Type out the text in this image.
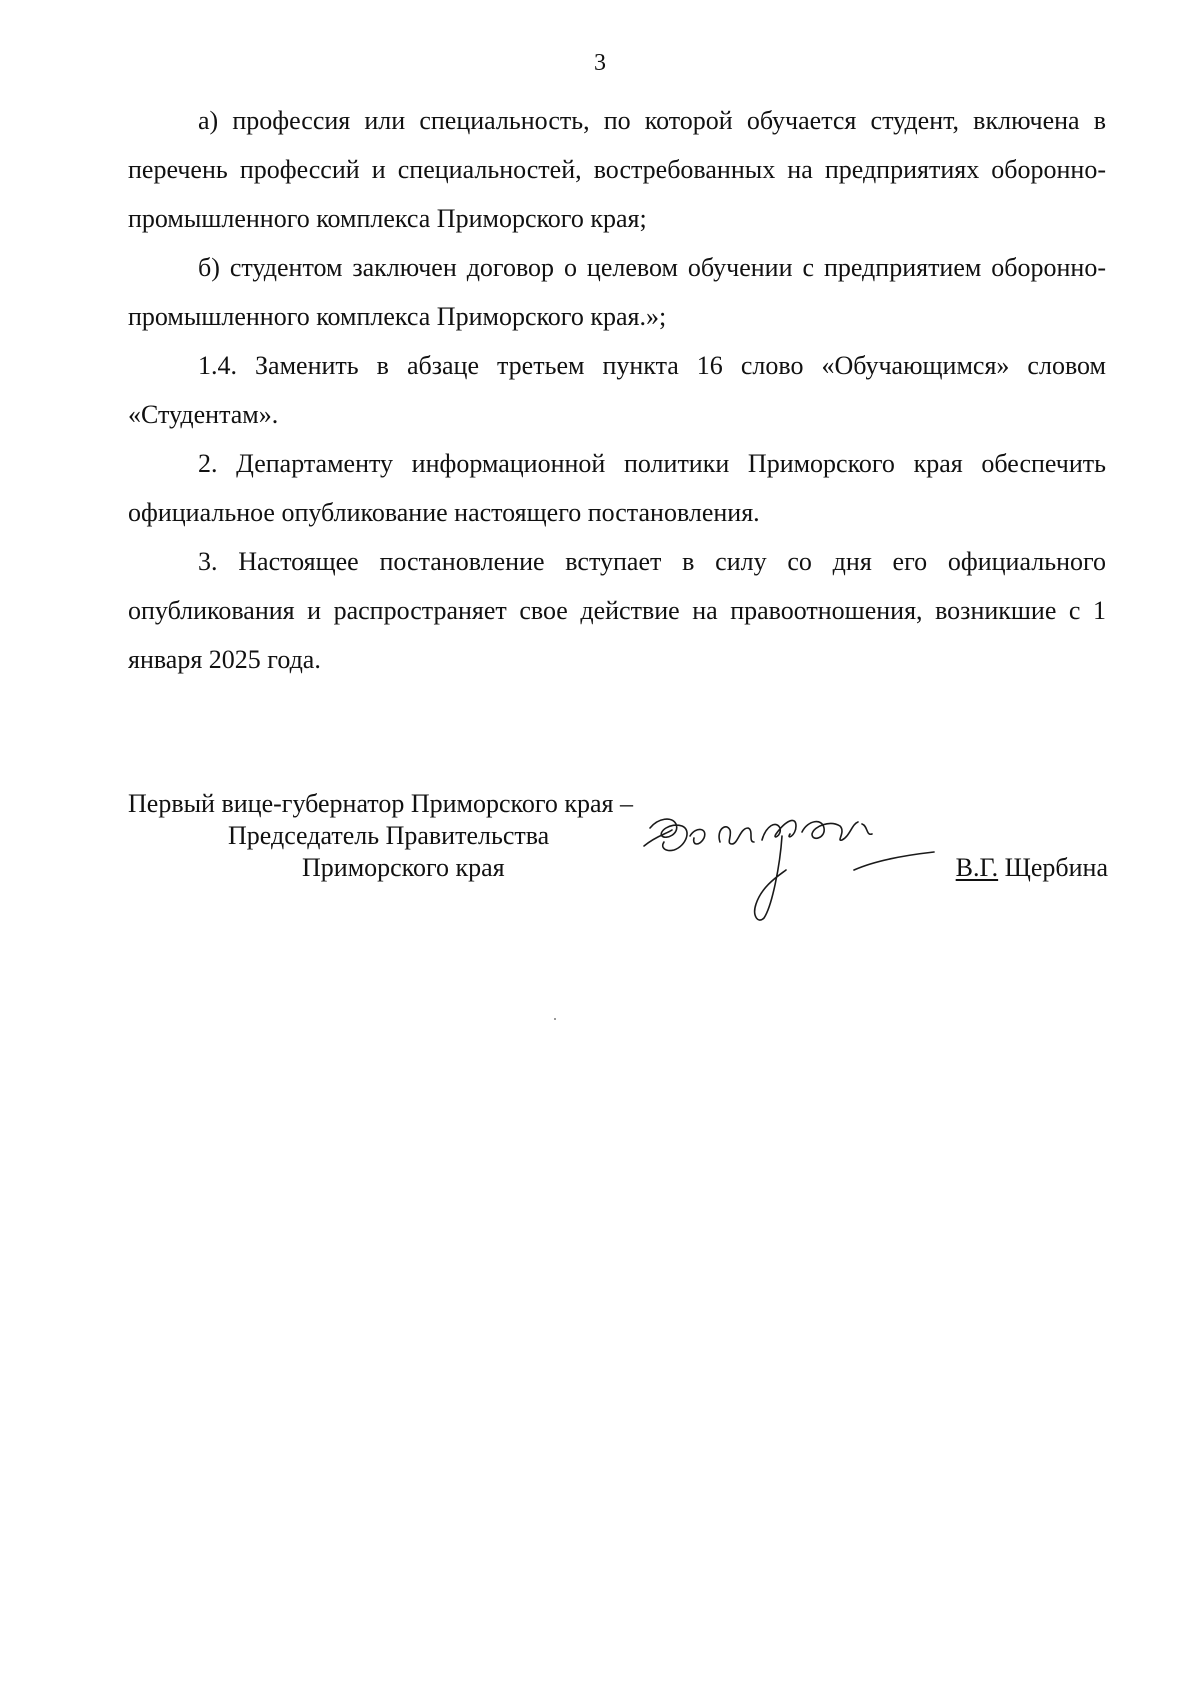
3

а) профессия или специальность, по которой обучается студент, включена в перечень профессий и специальностей, востребованных на предприятиях оборонно-промышленного комплекса Приморского края;

б) студентом заключен договор о целевом обучении с предприятием оборонно-промышленного комплекса Приморского края.»;

1.4. Заменить в абзаце третьем пункта 16 слово «Обучающимся» словом «Студентам».

2. Департаменту информационной политики Приморского края обеспечить официальное опубликование настоящего постановления.

3. Настоящее постановление вступает в силу со дня его официального опубликования и распространяет свое действие на правоотношения, возникшие с 1 января 2025 года.

Первый вице-губернатор Приморского края –
Председатель Правительства
Приморского края	В.Г. Щербина
